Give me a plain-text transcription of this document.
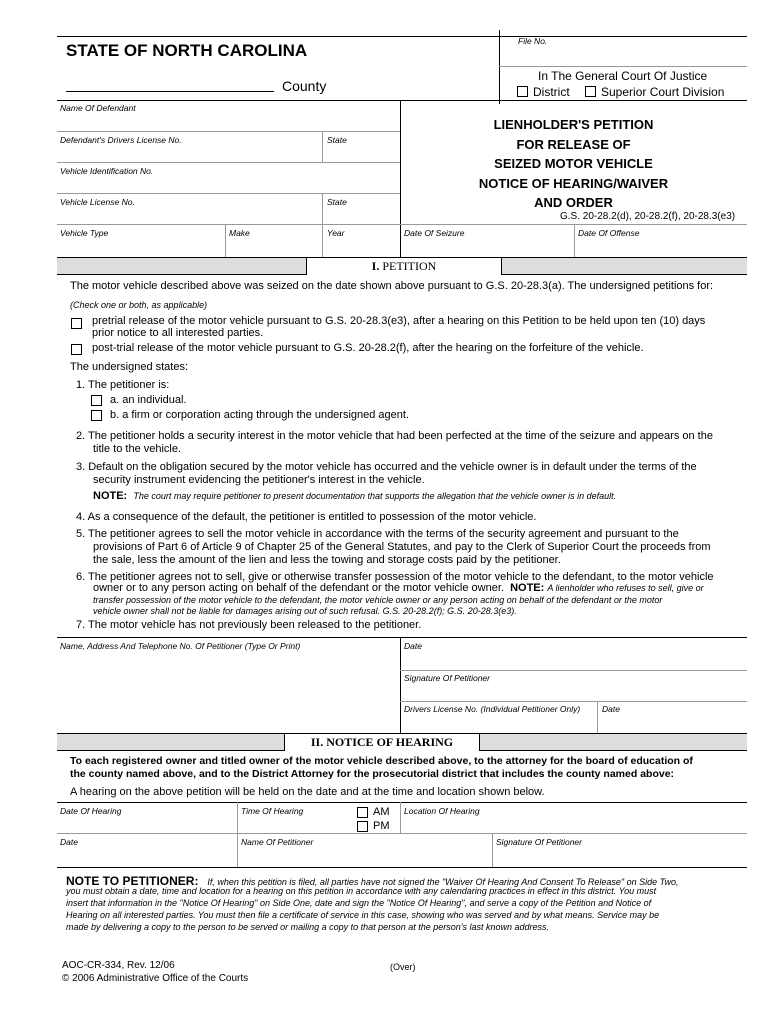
STATE OF NORTH CAROLINA
County
File No.
In The General Court Of Justice
District	Superior Court Division
Name Of Defendant
Defendant's Drivers License No.	State
Vehicle Identification No.
Vehicle License No.	State
LIENHOLDER'S PETITION
FOR RELEASE OF
SEIZED MOTOR VEHICLE
NOTICE OF HEARING/WAIVER
AND ORDER
G.S. 20-28.2(d), 20-28.2(f), 20-28.3(e3)
Vehicle Type	Make	Year	Date Of Seizure	Date Of Offense
I. PETITION
The motor vehicle described above was seized on the date shown above pursuant to G.S. 20-28.3(a). The undersigned petitions for:
(Check one or both, as applicable)
pretrial release of the motor vehicle pursuant to G.S. 20-28.3(e3), after a hearing on this Petition to be held upon ten (10) days
prior notice to all interested parties.
post-trial release of the motor vehicle pursuant to G.S. 20-28.2(f), after the hearing on the forfeiture of the vehicle.
The undersigned states:
1. The petitioner is:
a. an individual.
b. a firm or corporation acting through the undersigned agent.
2. The petitioner holds a security interest in the motor vehicle that had been perfected at the time of the seizure and appears on the
title to the vehicle.
3. Default on the obligation secured by the motor vehicle has occurred and the vehicle owner is in default under the terms of the
security instrument evidencing the petitioner's interest in the vehicle.
NOTE: The court may require petitioner to present documentation that supports the allegation that the vehicle owner is in default.
4. As a consequence of the default, the petitioner is entitled to possession of the motor vehicle.
5. The petitioner agrees to sell the motor vehicle in accordance with the terms of the security agreement and pursuant to the
provisions of Part 6 of Article 9 of Chapter 25 of the General Statutes, and pay to the Clerk of Superior Court the proceeds from
the sale, less the amount of the lien and less the towing and storage costs paid by the petitioner.
6. The petitioner agrees not to sell, give or otherwise transfer possession of the motor vehicle to the defendant, to the motor vehicle
owner or to any person acting on behalf of the defendant or the motor vehicle owner. NOTE: A lienholder who refuses to sell, give or
transfer possession of the motor vehicle to the defendant, the motor vehicle owner or any person acting on behalf of the defendant or the motor
vehicle owner shall not be liable for damages arising out of such refusal. G.S. 20-28.2(f); G.S. 20-28.3(e3).
7. The motor vehicle has not previously been released to the petitioner.
Name, Address And Telephone No. Of Petitioner (Type Or Print)	Date
Signature Of Petitioner
Drivers License No. (Individual Petitioner Only)	Date
II. NOTICE OF HEARING
To each registered owner and titled owner of the motor vehicle described above, to the attorney for the board of education of
the county named above, and to the District Attorney for the prosecutorial district that includes the county named above:
A hearing on the above petition will be held on the date and at the time and location shown below.
Date Of Hearing	Time Of Hearing	AM
PM
Location Of Hearing
Date	Name Of Petitioner	Signature Of Petitioner
NOTE TO PETITIONER: If, when this petition is filed, all parties have not signed the "Waiver Of Hearing And Consent To Release" on Side Two,
you must obtain a date, time and location for a hearing on this petition in accordance with any calendaring practices in effect in this district. You must
insert that information in the "Notice Of Hearing" on Side One, date and sign the "Notice Of Hearing", and serve a copy of the Petition and Notice of
Hearing on all interested parties. You must then file a certificate of service in this case, showing who was served and by what means. Service may be
made by delivering a copy to the person to be served or mailing a copy to that person at the person's last known address.
AOC-CR-334, Rev. 12/06
© 2006 Administrative Office of the Courts
(Over)
